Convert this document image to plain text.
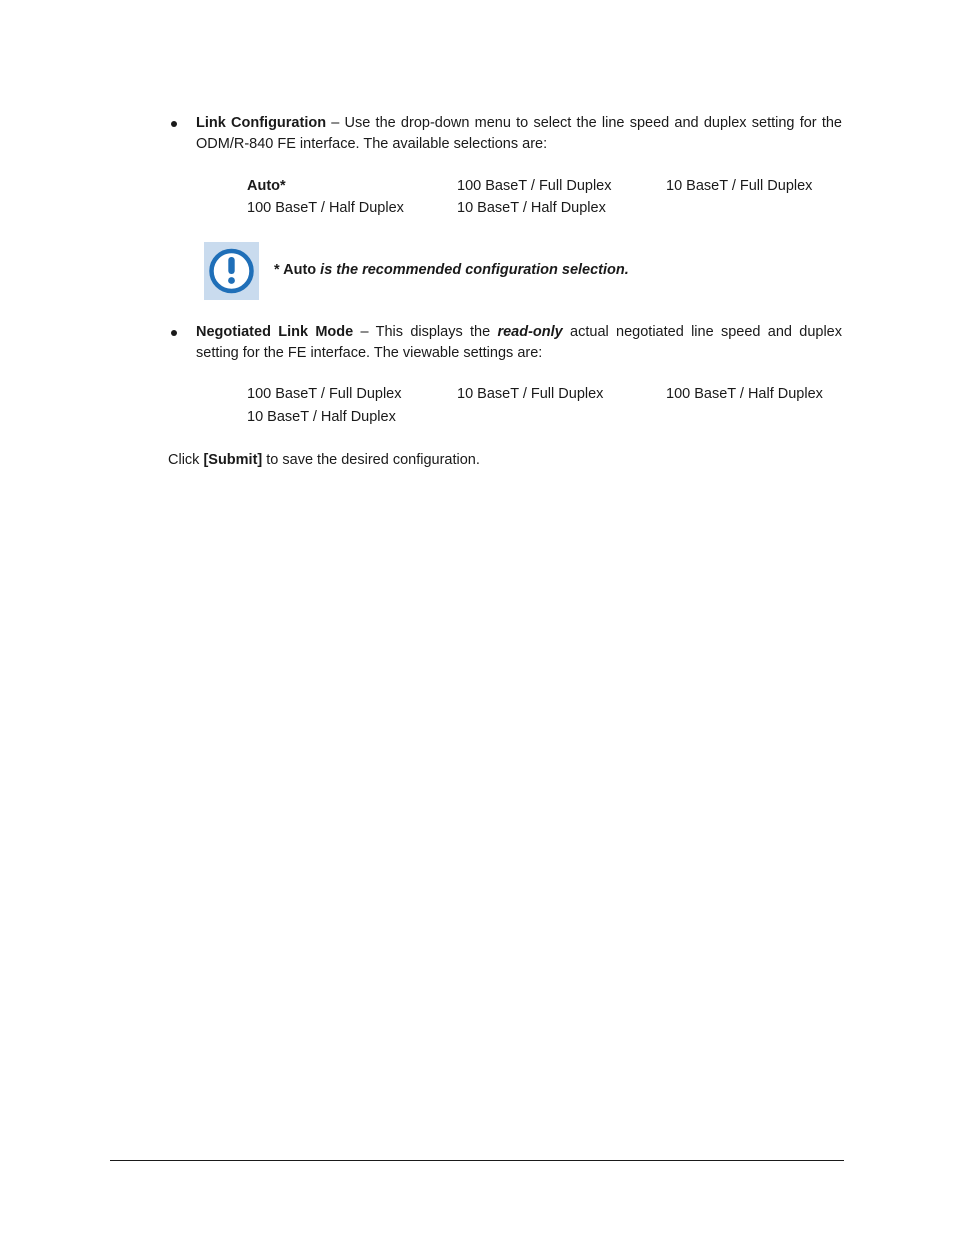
Link Configuration – Use the drop-down menu to select the line speed and duplex setting for the ODM/R-840 FE interface. The available selections are:
Auto*	100 BaseT / Full Duplex	10 BaseT / Full Duplex
100 BaseT / Half Duplex	10 BaseT / Half Duplex
* Auto is the recommended configuration selection.
Negotiated Link Mode – This displays the read-only actual negotiated line speed and duplex setting for the FE interface. The viewable settings are:
100 BaseT / Full Duplex	10 BaseT / Full Duplex	100 BaseT / Half Duplex
10 BaseT / Half Duplex
Click [Submit] to save the desired configuration.
